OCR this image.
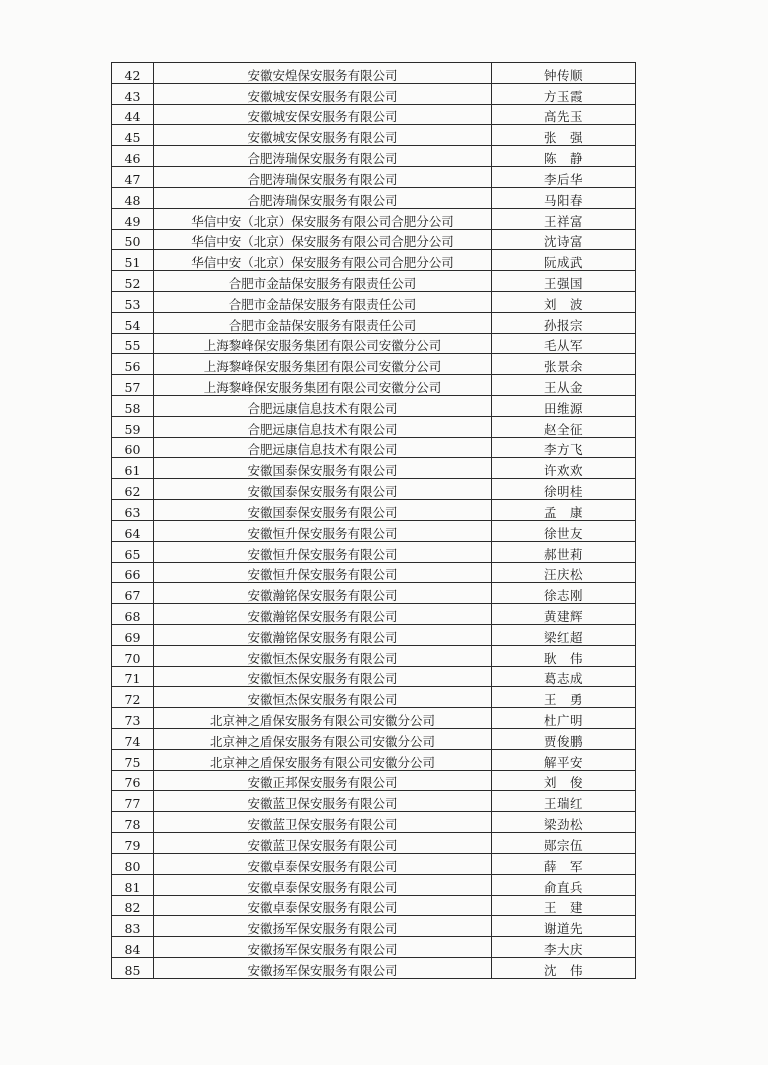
42	安徽安煌保安服务有限公司	钟传顺
43	安徽城安保安服务有限公司	方玉霞
44	安徽城安保安服务有限公司	高先玉
45	安徽城安保安服务有限公司	张　强
46	合肥涛瑞保安服务有限公司	陈　静
47	合肥涛瑞保安服务有限公司	李后华
48	合肥涛瑞保安服务有限公司	马阳春
49	华信中安（北京）保安服务有限公司合肥分公司	王祥富
50	华信中安（北京）保安服务有限公司合肥分公司	沈诗富
51	华信中安（北京）保安服务有限公司合肥分公司	阮成武
52	合肥市金喆保安服务有限责任公司	王强国
53	合肥市金喆保安服务有限责任公司	刘　波
54	合肥市金喆保安服务有限责任公司	孙报宗
55	上海黎峰保安服务集团有限公司安徽分公司	毛从军
56	上海黎峰保安服务集团有限公司安徽分公司	张景余
57	上海黎峰保安服务集团有限公司安徽分公司	王从金
58	合肥远康信息技术有限公司	田维源
59	合肥远康信息技术有限公司	赵全征
60	合肥远康信息技术有限公司	李方飞
61	安徽国泰保安服务有限公司	许欢欢
62	安徽国泰保安服务有限公司	徐明桂
63	安徽国泰保安服务有限公司	孟　康
64	安徽恒升保安服务有限公司	徐世友
65	安徽恒升保安服务有限公司	郝世莉
66	安徽恒升保安服务有限公司	汪庆松
67	安徽瀚铭保安服务有限公司	徐志刚
68	安徽瀚铭保安服务有限公司	黄建辉
69	安徽瀚铭保安服务有限公司	梁红超
70	安徽恒杰保安服务有限公司	耿　伟
71	安徽恒杰保安服务有限公司	葛志成
72	安徽恒杰保安服务有限公司	王　勇
73	北京神之盾保安服务有限公司安徽分公司	杜广明
74	北京神之盾保安服务有限公司安徽分公司	贾俊鹏
75	北京神之盾保安服务有限公司安徽分公司	解平安
76	安徽正邦保安服务有限公司	刘　俊
77	安徽蓝卫保安服务有限公司	王瑞红
78	安徽蓝卫保安服务有限公司	梁劲松
79	安徽蓝卫保安服务有限公司	郧宗伍
80	安徽卓泰保安服务有限公司	薛　军
81	安徽卓泰保安服务有限公司	俞直兵
82	安徽卓泰保安服务有限公司	王　建
83	安徽扬军保安服务有限公司	谢道先
84	安徽扬军保安服务有限公司	李大庆
85	安徽扬军保安服务有限公司	沈　伟
